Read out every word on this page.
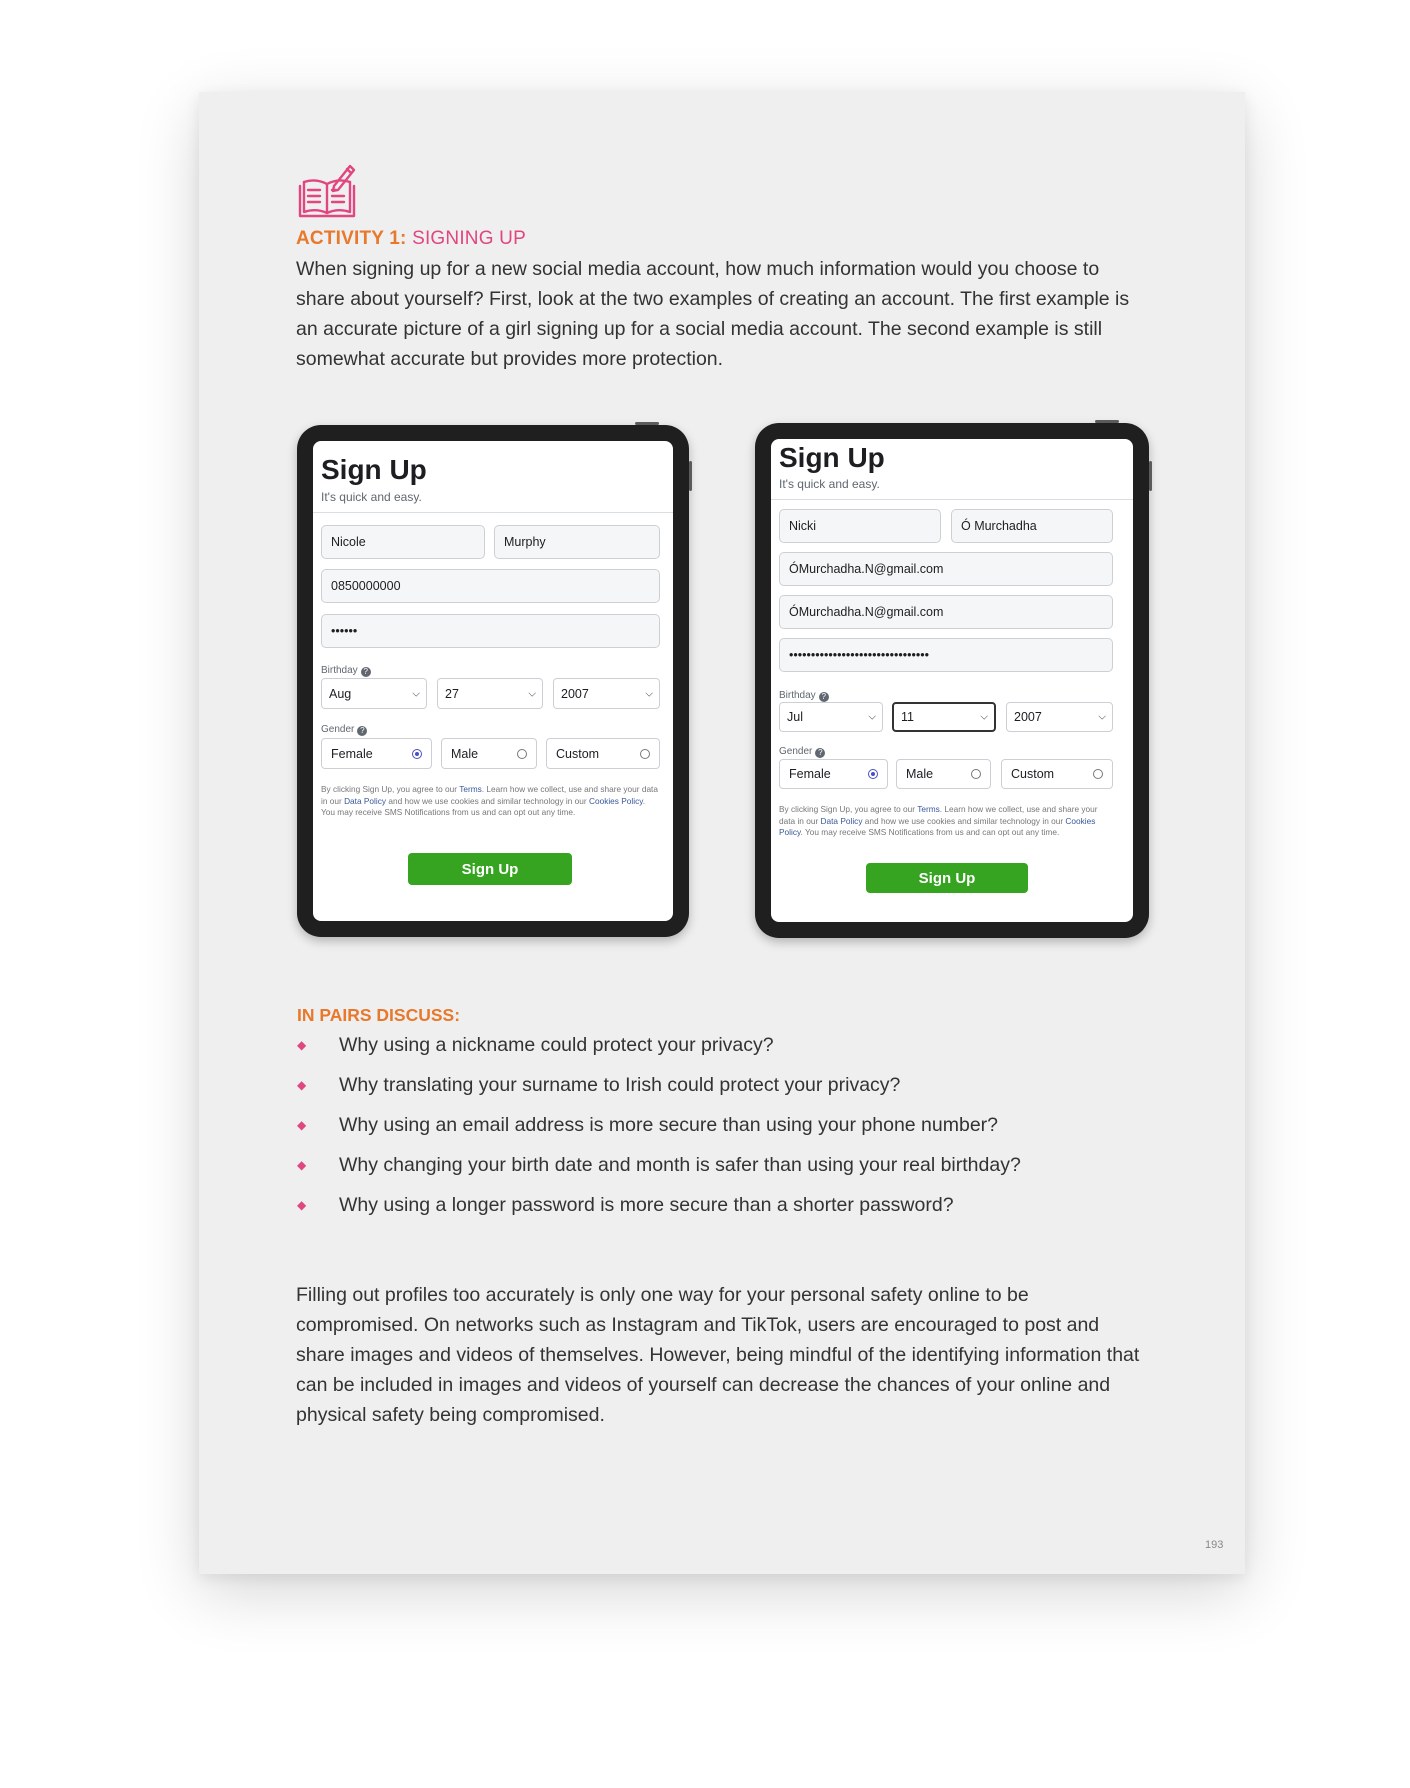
ACTIVITY 1: SIGNING UP
When signing up for a new social media account, how much information would you choose to share about yourself? First, look at the two examples of creating an account. The first example is an accurate picture of a girl signing up for a social media account. The second example is still somewhat accurate but provides more protection.
Sign Up
It's quick and easy.
Nicole	Murphy
0850000000
••••••
Birthday ?
Aug	⌵ 27	⌵ 2007	⌵
Gender ?
Female	Male	Custom
By clicking Sign Up, you agree to our Terms. Learn how we collect, use and share your data in our Data Policy and how we use cookies and similar technology in our Cookies Policy. You may receive SMS Notifications from us and can opt out any time.
Sign Up
Sign Up
It's quick and easy.
Nicki	Ó Murchadha
ÓMurchadha.N@gmail.com
ÓMurchadha.N@gmail.com
••••••••••••••••••••••••••••••••
Birthday ?
Jul	⌵ 11	⌵ 2007	⌵
Gender ?
Female	Male	Custom
By clicking Sign Up, you agree to our Terms. Learn how we collect, use and share your data in our Data Policy and how we use cookies and similar technology in our Cookies Policy. You may receive SMS Notifications from us and can opt out any time.
Sign Up
IN PAIRS DISCUSS:
◆ Why using a nickname could protect your privacy?
◆ Why translating your surname to Irish could protect your privacy?
◆ Why using an email address is more secure than using your phone number?
◆ Why changing your birth date and month is safer than using your real birthday?
◆ Why using a longer password is more secure than a shorter password?
Filling out profiles too accurately is only one way for your personal safety online to be compromised. On networks such as Instagram and TikTok, users are encouraged to post and share images and videos of themselves. However, being mindful of the identifying information that can be included in images and videos of yourself can decrease the chances of your online and physical safety being compromised.
193
